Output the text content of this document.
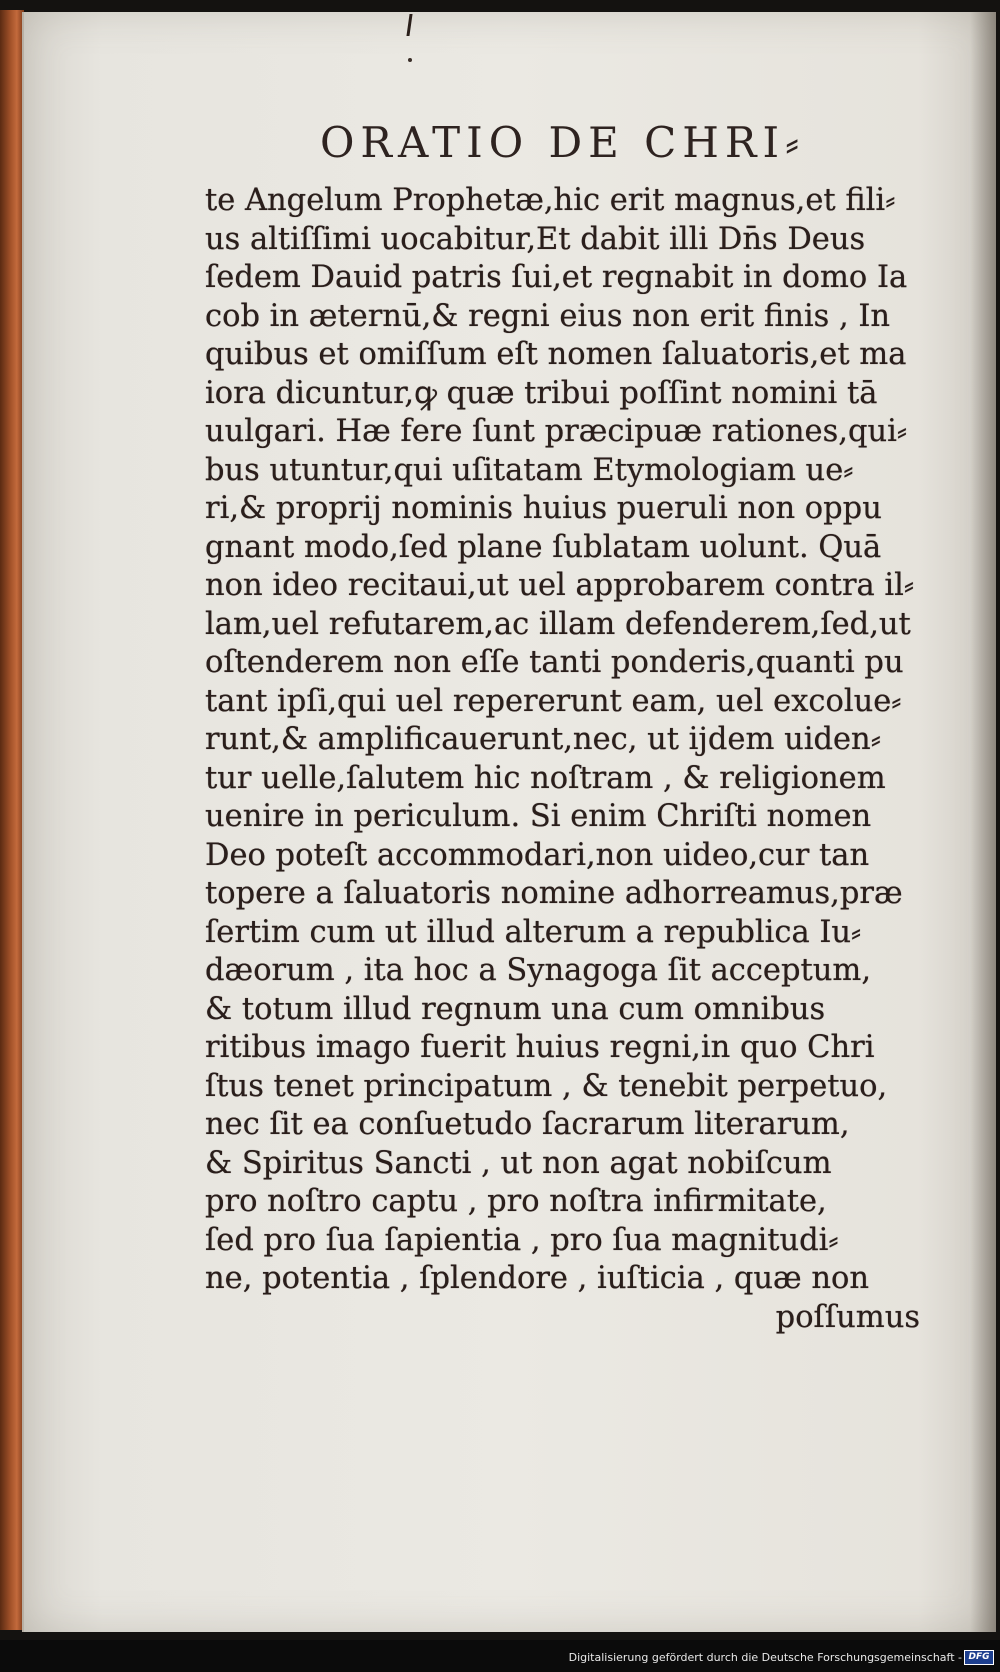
ORATIO DE CHRI⸗
te Angelum Prophetæ,hic erit magnus,et fili⸗
us altiſſimi uocabitur,Et dabit illi Dn̄s Deus
ſedem Dauid patris ſui,et regnabit in domo Ia
cob in æternū,& regni eius non erit finis , In
quibus et omiſſum eſt nomen ſaluatoris,et ma
iora dicuntur,ꝙ quæ tribui poſſint nomini tā
uulgari. Hæ fere ſunt præcipuæ rationes,qui⸗
bus utuntur,qui uſitatam Etymologiam ue⸗
ri,& proprij nominis huius pueruli non oppu
gnant modo,ſed plane ſublatam uolunt. Quā
non ideo recitaui,ut uel approbarem contra il⸗
lam,uel refutarem,ac illam defenderem,ſed,ut
oſtenderem non eſſe tanti ponderis,quanti pu
tant ipſi,qui uel repererunt eam, uel excolue⸗
runt,& amplificauerunt,nec, ut ijdem uiden⸗
tur uelle,ſalutem hic noſtram , & religionem
uenire in periculum. Si enim Chriſti nomen
Deo poteſt accommodari,non uideo,cur tan
topere a ſaluatoris nomine adhorreamus,præ
ſertim cum ut illud alterum a republica Iu⸗
dæorum , ita hoc a Synagoga ſit acceptum,
& totum illud regnum una cum omnibus
ritibus imago fuerit huius regni,in quo Chri
ſtus tenet principatum , & tenebit perpetuo,
nec ſit ea conſuetudo ſacrarum literarum,
& Spiritus Sancti , ut non agat nobiſcum
pro noſtro captu , pro noſtra infirmitate,
ſed pro ſua ſapientia , pro ſua magnitudi⸗
ne, potentia , ſplendore , iuſticia , quæ non
poſſumus
Digitalisierung gefördert durch die Deutsche Forschungsgemeinschaft - DFG
